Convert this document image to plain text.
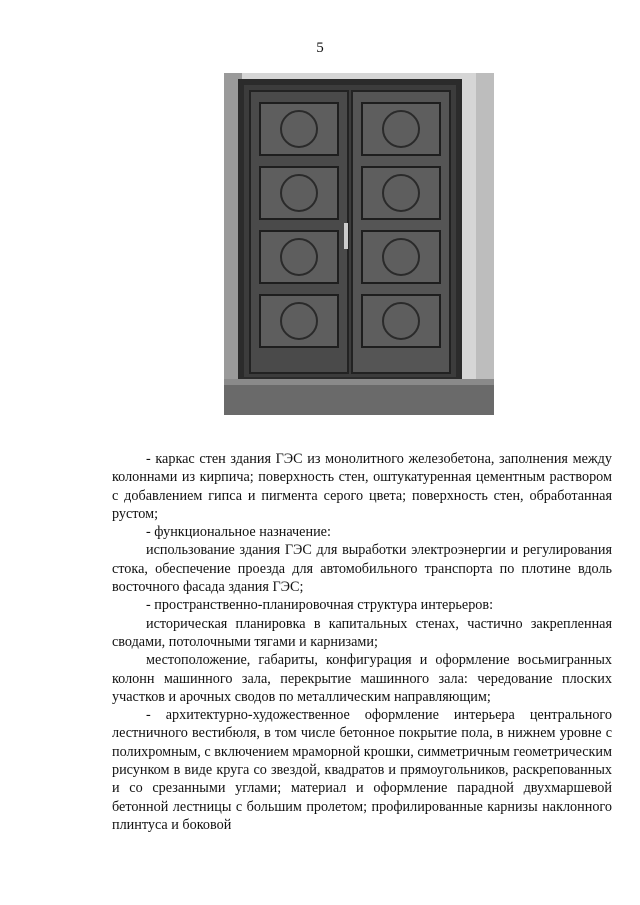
5

- каркас стен здания ГЭС из монолитного железобетона, заполнения между колоннами из кирпича; поверхность стен, оштукатуренная цементным раствором с добавлением гипса и пигмента серого цвета; поверхность стен, обработанная рустом;

- функциональное назначение:

использование здания ГЭС для выработки электроэнергии и регулирования стока, обеспечение проезда для автомобильного транспорта по плотине вдоль восточного фасада здания ГЭС;

- пространственно-планировочная структура интерьеров:

историческая планировка в капитальных стенах, частично закрепленная сводами, потолочными тягами и карнизами;

местоположение, габариты, конфигурация и оформление восьмигранных колонн машинного зала, перекрытие машинного зала: чередование плоских участков и арочных сводов по металлическим направляющим;

- архитектурно-художественное оформление интерьера центрального лестничного вестибюля, в том числе бетонное покрытие пола, в нижнем уровне с полихромным, с включением мраморной крошки, симметричным геометрическим рисунком в виде круга со звездой, квадратов и прямоугольников, раскрепованных и со срезанными углами; материал и оформление парадной двухмаршевой бетонной лестницы с большим пролетом; профилированные карнизы наклонного плинтуса и боковой
